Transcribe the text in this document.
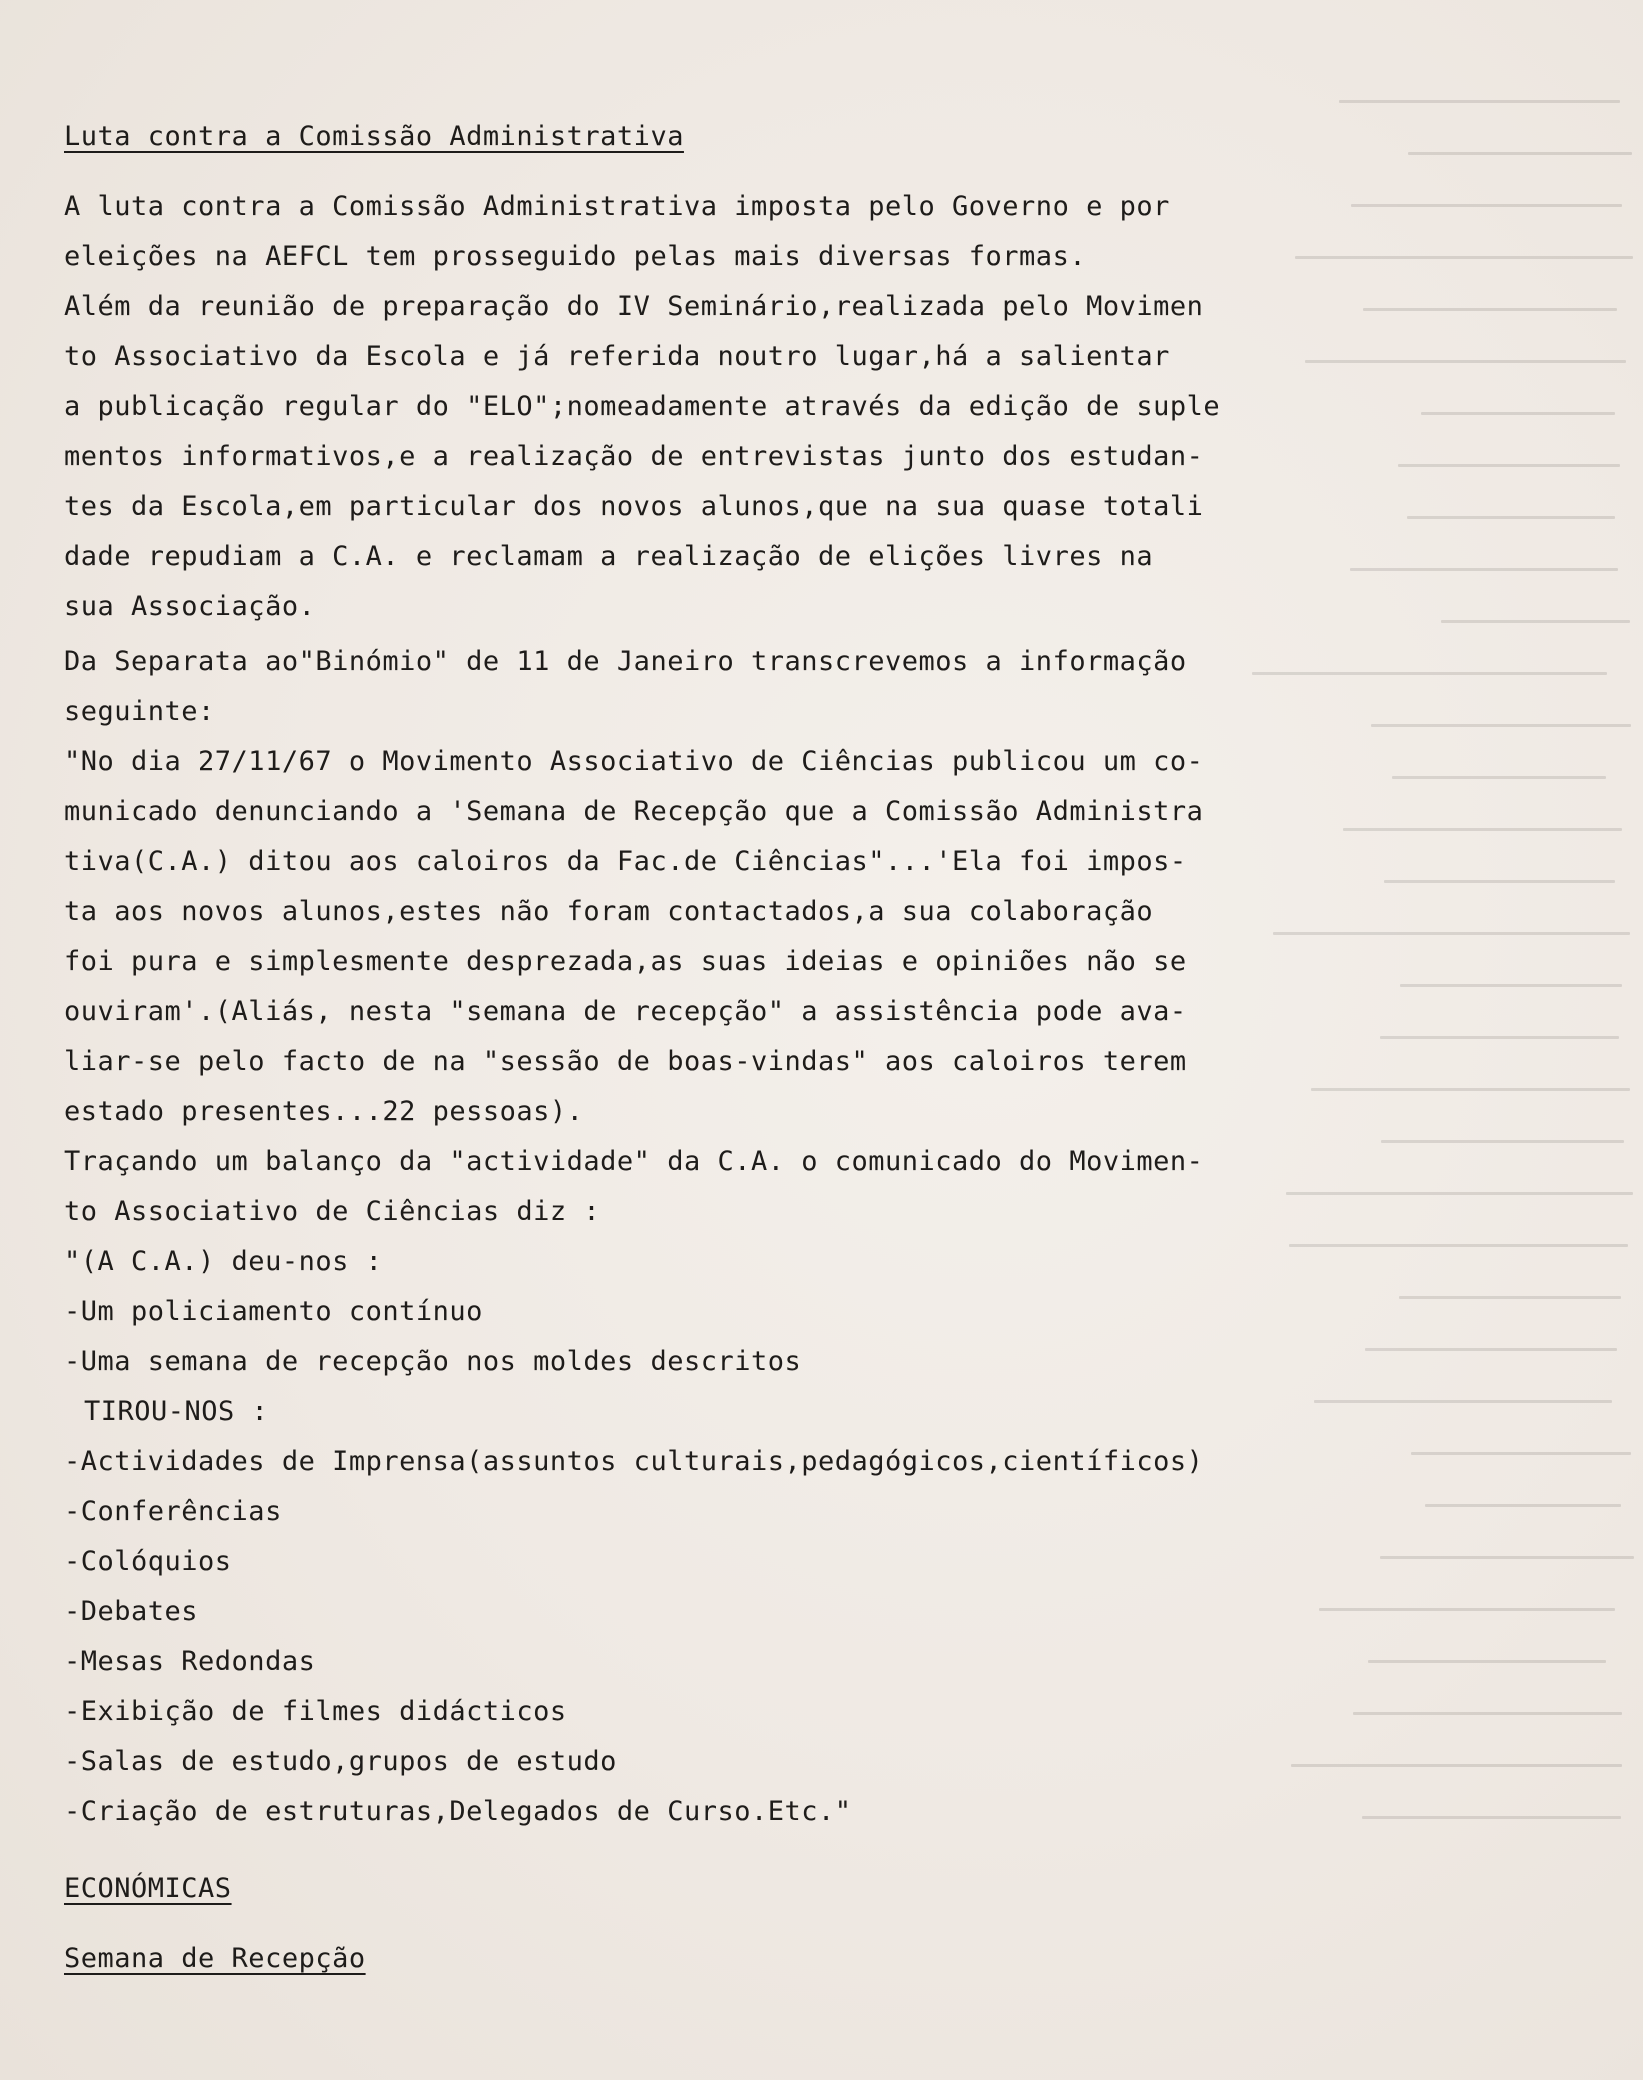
Luta contra a Comissão Administrativa
A luta contra a Comissão Administrativa imposta pelo Governo e por
eleições na AEFCL tem prosseguido pelas mais diversas formas.
Além da reunião de preparação do IV Seminário,realizada pelo Movimen
to Associativo da Escola e já referida noutro lugar,há a salientar
a publicação regular do "ELO";nomeadamente através da edição de suple
mentos informativos,e a realização de entrevistas junto dos estudan-
tes da Escola,em particular dos novos alunos,que na sua quase totali
dade repudiam a C.A. e reclamam a realização de elições livres na
sua Associação.
Da Separata ao"Binómio" de 11 de Janeiro transcrevemos a informação
seguinte:
"No dia 27/11/67 o Movimento Associativo de Ciências publicou um co-
municado denunciando a 'Semana de Recepção que a Comissão Administra
tiva(C.A.) ditou aos caloiros da Fac.de Ciências"...'Ela foi impos-
ta aos novos alunos,estes não foram contactados,a sua colaboração
foi pura e simplesmente desprezada,as suas ideias e opiniões não se
ouviram'.(Aliás, nesta "semana de recepção" a assistência pode ava-
liar-se pelo facto de na "sessão de boas-vindas" aos caloiros terem
estado presentes...22 pessoas).
Traçando um balanço da "actividade" da C.A. o comunicado do Movimen-
to Associativo de Ciências diz :
"(A C.A.) deu-nos :
-Um policiamento contínuo
-Uma semana de recepção nos moldes descritos
TIROU-NOS :
-Actividades de Imprensa(assuntos culturais,pedagógicos,científicos)
-Conferências
-Colóquios
-Debates
-Mesas Redondas
-Exibição de filmes didácticos
-Salas de estudo,grupos de estudo
-Criação de estruturas,Delegados de Curso.Etc."
ECONÓMICAS
Semana de Recepção
